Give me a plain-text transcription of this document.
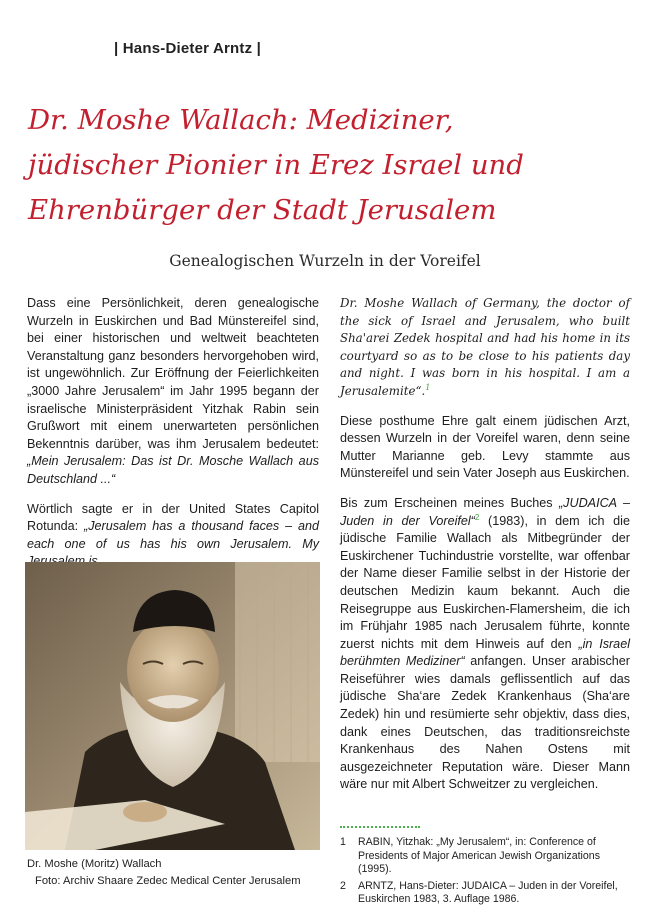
| Hans-Dieter Arntz |
Dr. Moshe Wallach: Mediziner,
jüdischer Pionier in Erez Israel und
Ehrenbürger der Stadt Jerusalem
Genealogischen Wurzeln in der Voreifel

Dass eine Persönlichkeit, deren genealogische Wurzeln in Euskirchen und Bad Münstereifel sind, bei einer historischen und weltweit beachteten Veranstaltung ganz besonders hervorgehoben wird, ist ungewöhnlich. Zur Eröffnung der Feierlichkeiten „3000 Jahre Jerusalem“ im Jahr 1995 begann der israelische Ministerpräsident Yitzhak Rabin sein Grußwort mit einem unerwarteten persönlichen Bekenntnis darüber, was ihm Jerusalem bedeutet: „Mein Jerusalem: Das ist Dr. Mosche Wallach aus Deutschland ...“

Wörtlich sagte er in der United States Capitol Rotunda: „Jerusalem has a thousand faces – and each one of us has his own Jerusalem. My

Dr. Moshe (Moritz) Wallach
Foto: Archiv Shaare Zedec Medical Center Jerusalem

Dr. Moshe Wallach of Germany, the doctor of the sick of Israel and Jerusalem, who built Sha'arei Zedek hospital and had his home in its courtyard so as to be close to his patients day and night. I was born in his hospital. I am a Jerusalemite“.$^1$

Diese posthume Ehre galt einem jüdischen Arzt, dessen Wurzeln in der Voreifel waren, denn seine Mutter Marianne geb. Levy stammte aus Münstereifel und sein Vater Joseph aus Euskirchen.

Bis zum Erscheinen meines Buches „JUDAICA – Juden in der Voreifel“$^2$ (1983), in dem ich die jüdische Familie Wallach als Mitbegründer der Euskirchener Tuchindustrie vorstellte, war offenbar der Name dieser Familie selbst in der Historie der deutschen Medizin kaum bekannt. Auch die Reisegruppe aus Euskirchen-Flamersheim, die ich im Frühjahr 1985 nach Jerusalem führte, konnte zuerst nichts mit dem Hinweis auf den „in Israel berühmten Mediziner“ anfangen. Unser arabischer Reiseführer wies damals geflissentlich auf das jüdische Sha‘are Zedek Krankenhaus (Sha‘are Zedek) hin und resümierte sehr objektiv, dass dies, dank eines Deutschen, das traditionsreichste Krankenhaus des Nahen Ostens mit ausgezeichneter Reputation wäre. Dieser Mann wäre nur mit Albert Schweitzer zu vergleichen.

1	RABIN, Yitzhak: „My Jerusalem“, in: Conference of Presidents of Major American Jewish Organizations (1995).
2	ARNTZ, Hans-Dieter: JUDAICA – Juden in der Voreifel, Euskirchen 1983, 3. Auflage 1986.
